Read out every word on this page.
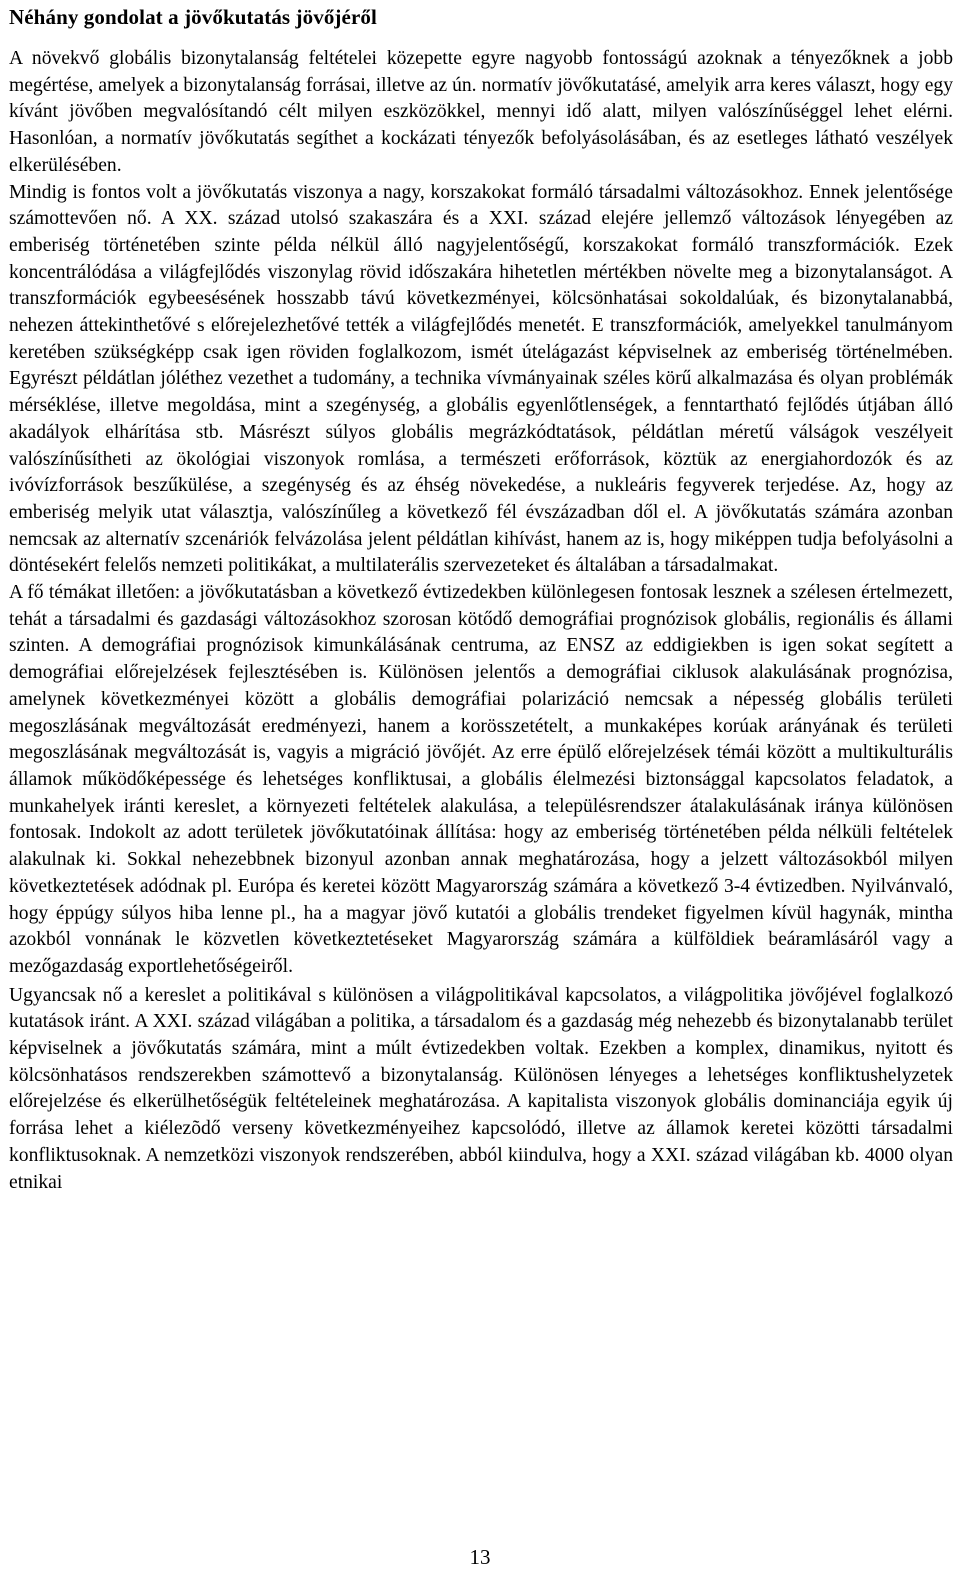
Néhány gondolat a jövőkutatás jövőjéről

A növekvő globális bizonytalanság feltételei közepette egyre nagyobb fontosságú azoknak a tényezőknek a jobb megértése, amelyek a bizonytalanság forrásai, illetve az ún. normatív jövőkutatásé, amelyik arra keres választ, hogy egy kívánt jövőben megvalósítandó célt milyen eszközökkel, mennyi idő alatt, milyen valószínűséggel lehet elérni. Hasonlóan, a normatív jövőkutatás segíthet a kockázati tényezők befolyásolásában, és az esetleges látható veszélyek elkerülésében.

Mindig is fontos volt a jövőkutatás viszonya a nagy, korszakokat formáló társadalmi változásokhoz. Ennek jelentősége számottevően nő. A XX. század utolsó szakaszára és a XXI. század elejére jellemző változások lényegében az emberiség történetében szinte példa nélkül álló nagyjelentőségű, korszakokat formáló transzformációk. Ezek koncentrálódása a világfejlődés viszonylag rövid időszakára hihetetlen mértékben növelte meg a bizonytalanságot. A transzformációk egybeesésének hosszabb távú következményei, kölcsönhatásai sokoldalúak, és bizonytalanabbá, nehezen áttekinthetővé s előrejelezhetővé tették a világfejlődés menetét. E transzformációk, amelyekkel tanulmányom keretében szükségképp csak igen röviden foglalkozom, ismét útelágazást képviselnek az emberiség történelmében. Egyrészt példátlan jóléthez vezethet a tudomány, a technika vívmányainak széles körű alkalmazása és olyan problémák mérséklése, illetve megoldása, mint a szegénység, a globális egyenlőtlenségek, a fenntartható fejlődés útjában álló akadályok elhárítása stb. Másrészt súlyos globális megrázkódtatások, példátlan méretű válságok veszélyeit valószínűsítheti az ökológiai viszonyok romlása, a természeti erőforrások, köztük az energiahordozók és az ivóvízforrások beszűkülése, a szegénység és az éhség növekedése, a nukleáris fegyverek terjedése. Az, hogy az emberiség melyik utat választja, valószínűleg a következő fél évszázadban dől el. A jövőkutatás számára azonban nemcsak az alternatív szcenáriók felvázolása jelent példátlan kihívást, hanem az is, hogy miképpen tudja befolyásolni a döntésekért felelős nemzeti politikákat, a multilaterális szervezeteket és általában a társadalmakat.

A fő témákat illetően: a jövőkutatásban a következő évtizedekben különlegesen fontosak lesznek a szélesen értelmezett, tehát a társadalmi és gazdasági változásokhoz szorosan kötődő demográfiai prognózisok globális, regionális és állami szinten. A demográfiai prognózisok kimunkálásának centruma, az ENSZ az eddigiekben is igen sokat segített a demográfiai előrejelzések fejlesztésében is. Különösen jelentős a demográfiai ciklusok alakulásának prognózisa, amelynek következményei között a globális demográfiai polarizáció nemcsak a népesség globális területi megoszlásának megváltozását eredményezi, hanem a korösszetételt, a munkaképes korúak arányának és területi megoszlásának megváltozását is, vagyis a migráció jövőjét. Az erre épülő előrejelzések témái között a multikulturális államok működőképessége és lehetséges konfliktusai, a globális élelmezési biztonsággal kapcsolatos feladatok, a munkahelyek iránti kereslet, a környezeti feltételek alakulása, a településrendszer átalakulásának iránya különösen fontosak. Indokolt az adott területek jövőkutatóinak állítása: hogy az emberiség történetében példa nélküli feltételek alakulnak ki. Sokkal nehezebbnek bizonyul azonban annak meghatározása, hogy a jelzett változásokból milyen következtetések adódnak pl. Európa és keretei között Magyarország számára a következő 3-4 évtizedben. Nyilvánvaló, hogy éppúgy súlyos hiba lenne pl., ha a magyar jövő kutatói a globális trendeket figyelmen kívül hagynák, mintha azokból vonnának le közvetlen következtetéseket Magyarország számára a külföldiek beáramlásáról vagy a mezőgazdaság exportlehetőségeiről.

Ugyancsak nő a kereslet a politikával s különösen a világpolitikával kapcsolatos, a világpolitika jövőjével foglalkozó kutatások iránt. A XXI. század világában a politika, a társadalom és a gazdaság még nehezebb és bizonytalanabb terület képviselnek a jövőkutatás számára, mint a múlt évtizedekben voltak. Ezekben a komplex, dinamikus, nyitott és kölcsönhatásos rendszerekben számottevő a bizonytalanság. Különösen lényeges a lehetséges konfliktushelyzetek előrejelzése és elkerülhetőségük feltételeinek meghatározása. A kapitalista viszonyok globális dominanciája egyik új forrása lehet a kiélezõdő verseny következményeihez kapcsolódó, illetve az államok keretei közötti társadalmi konfliktusoknak. A nemzetközi viszonyok rendszerében, abból kiindulva, hogy a XXI. század világában kb. 4000 olyan etnikai

13
